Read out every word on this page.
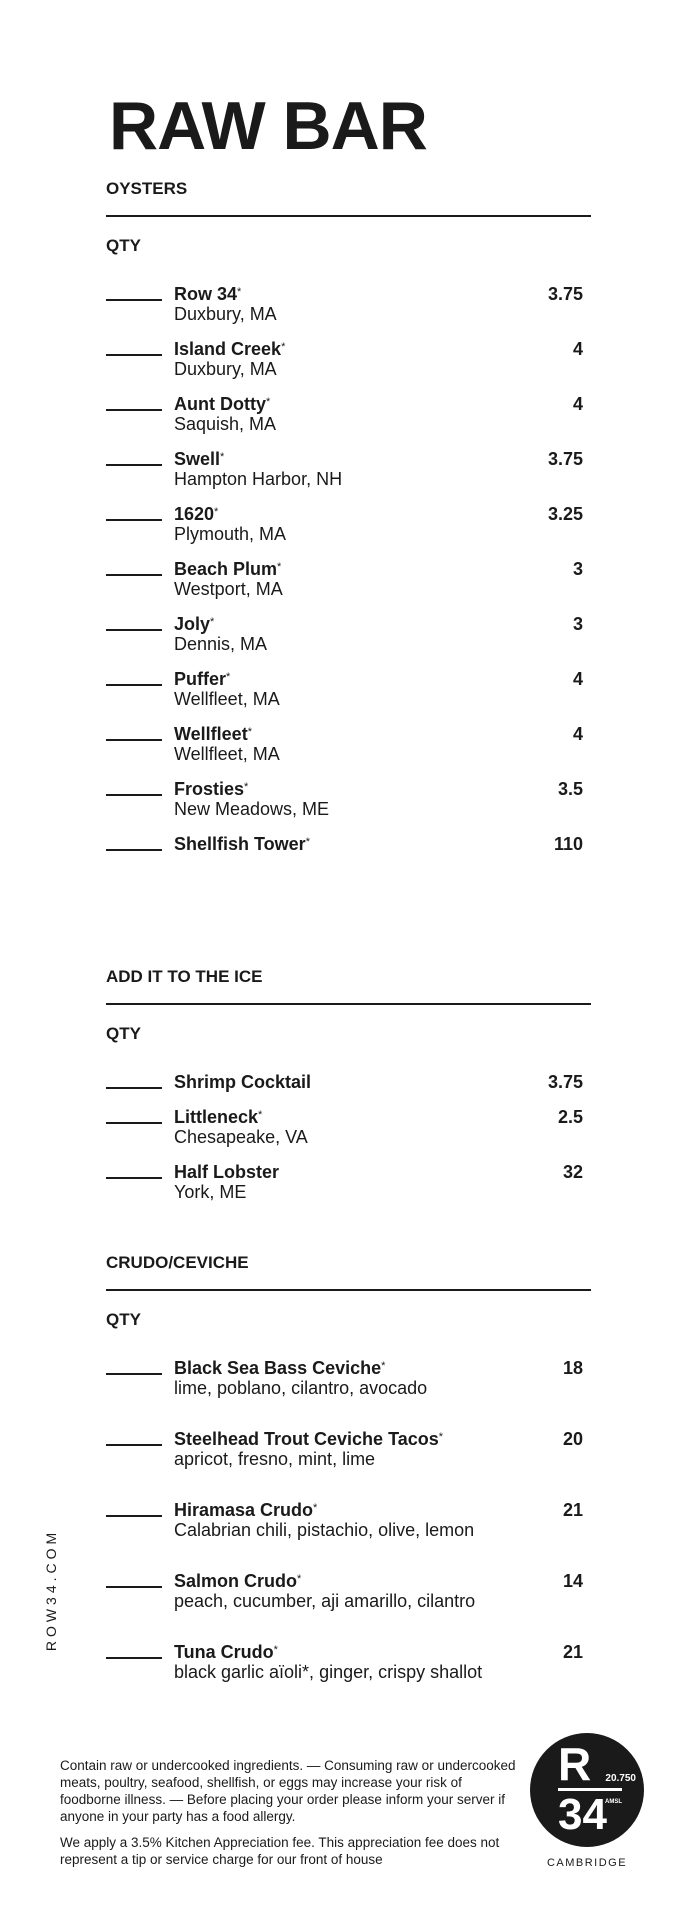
RAW BAR
OYSTERS
QTY
Row 34*
Duxbury, MA
3.75
Island Creek*
Duxbury, MA
4
Aunt Dotty*
Saquish, MA
4
Swell*
Hampton Harbor, NH
3.75
1620*
Plymouth, MA
3.25
Beach Plum*
Westport, MA
3
Joly*
Dennis, MA
3
Puffer*
Wellfleet, MA
4
Wellfleet*
Wellfleet, MA
4
Frosties*
New Meadows, ME
3.5
Shellfish Tower*	110
ADD IT TO THE ICE
QTY
Shrimp Cocktail	3.75
Littleneck*
Chesapeake, VA
2.5
Half Lobster
York, ME
32
CRUDO/CEVICHE
QTY
Black Sea Bass Ceviche*
lime, poblano, cilantro, avocado
18
Steelhead Trout Ceviche Tacos*
apricot, fresno, mint, lime
20
Hiramasa Crudo*
Calabrian chili, pistachio, olive, lemon
21
Salmon Crudo*
peach, cucumber, aji amarillo, cilantro
14
Tuna Crudo*
black garlic aïoli*, ginger, crispy shallot
21
ROW34.COM

Contain raw or undercooked ingredients. — Consuming raw or undercooked meats, poultry, seafood, shellfish, or eggs may increase your risk of foodborne illness. — Before placing your order please inform your server if anyone in your party has a food allergy.

We apply a 3.5% Kitchen Appreciation fee. This appreciation fee does not represent a tip or service charge for our front of house

R 20.750
AMSL
34
CAMBRIDGE
